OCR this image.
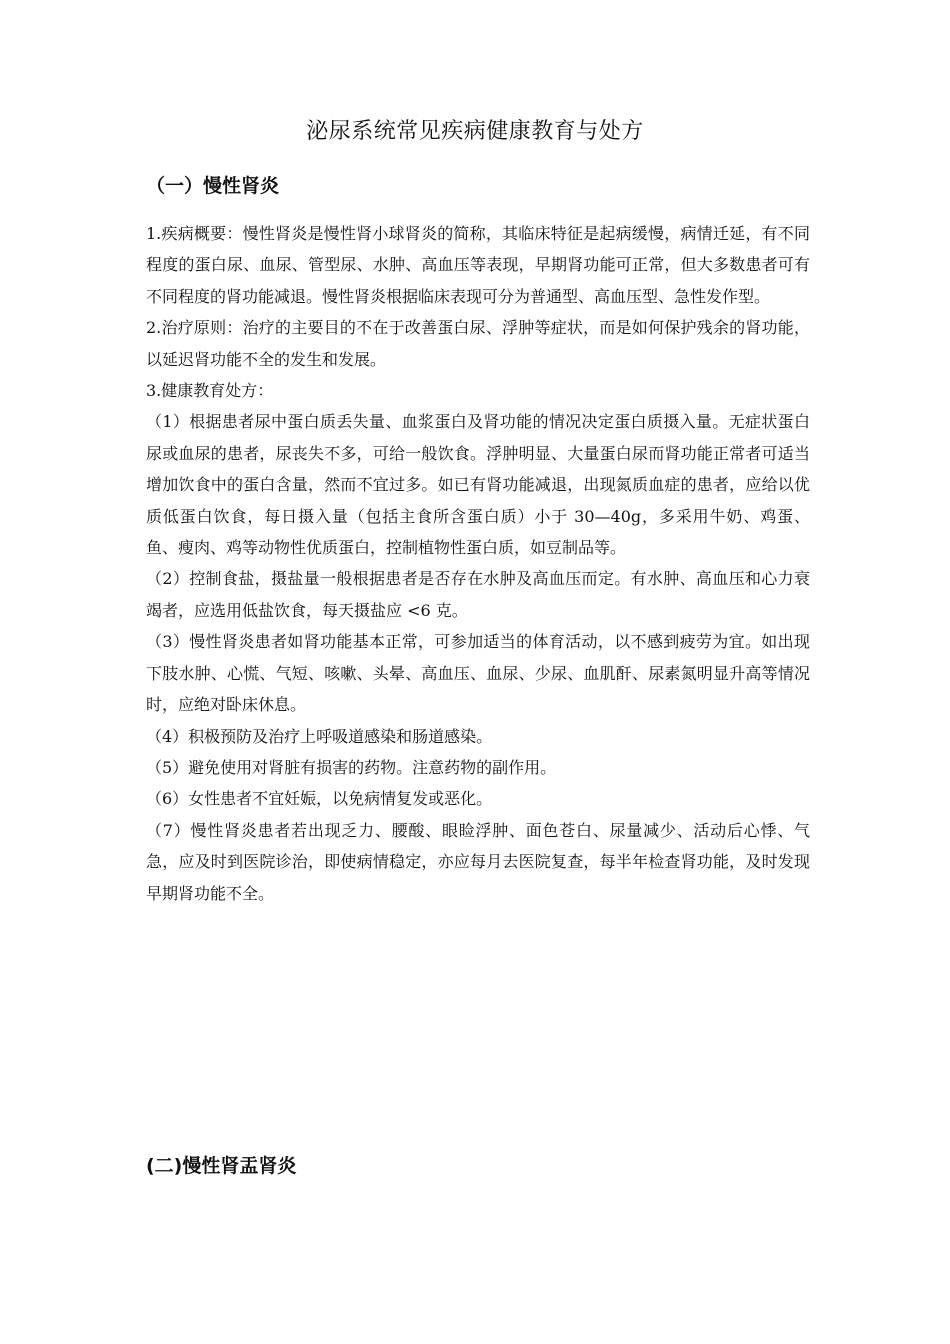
泌尿系统常见疾病健康教育与处方
（一）慢性肾炎

1.疾病概要：慢性肾炎是慢性肾小球肾炎的简称，其临床特征是起病缓慢，病情迁延，有不同程度的蛋白尿、血尿、管型尿、水肿、高血压等表现，早期肾功能可正常，但大多数患者可有不同程度的肾功能减退。慢性肾炎根据临床表现可分为普通型、高血压型、急性发作型。

2.治疗原则：治疗的主要目的不在于改善蛋白尿、浮肿等症状，而是如何保护残余的肾功能，以延迟肾功能不全的发生和发展。

3.健康教育处方：

（1）根据患者尿中蛋白质丢失量、血浆蛋白及肾功能的情况决定蛋白质摄入量。无症状蛋白尿或血尿的患者，尿丧失不多，可给一般饮食。浮肿明显、大量蛋白尿而肾功能正常者可适当增加饮食中的蛋白含量，然而不宜过多。如已有肾功能减退，出现氮质血症的患者，应给以优质低蛋白饮食，每日摄入量（包括主食所含蛋白质）小于 30—40g，多采用牛奶、鸡蛋、鱼、瘦肉、鸡等动物性优质蛋白，控制植物性蛋白质，如豆制品等。

（2）控制食盐，摄盐量一般根据患者是否存在水肿及高血压而定。有水肿、高血压和心力衰竭者，应选用低盐饮食，每天摄盐应 <6 克。

（3）慢性肾炎患者如肾功能基本正常，可参加适当的体育活动，以不感到疲劳为宜。如出现下肢水肿、心慌、气短、咳嗽、头晕、高血压、血尿、少尿、血肌酐、尿素氮明显升高等情况时，应绝对卧床休息。

（4）积极预防及治疗上呼吸道感染和肠道感染。

（5）避免使用对肾脏有损害的药物。注意药物的副作用。

（6）女性患者不宜妊娠，以免病情复发或恶化。

（7）慢性肾炎患者若出现乏力、腰酸、眼睑浮肿、面色苍白、尿量减少、活动后心悸、气急，应及时到医院诊治，即使病情稳定，亦应每月去医院复查，每半年检查肾功能，及时发现早期肾功能不全。

(二)慢性肾盂肾炎
